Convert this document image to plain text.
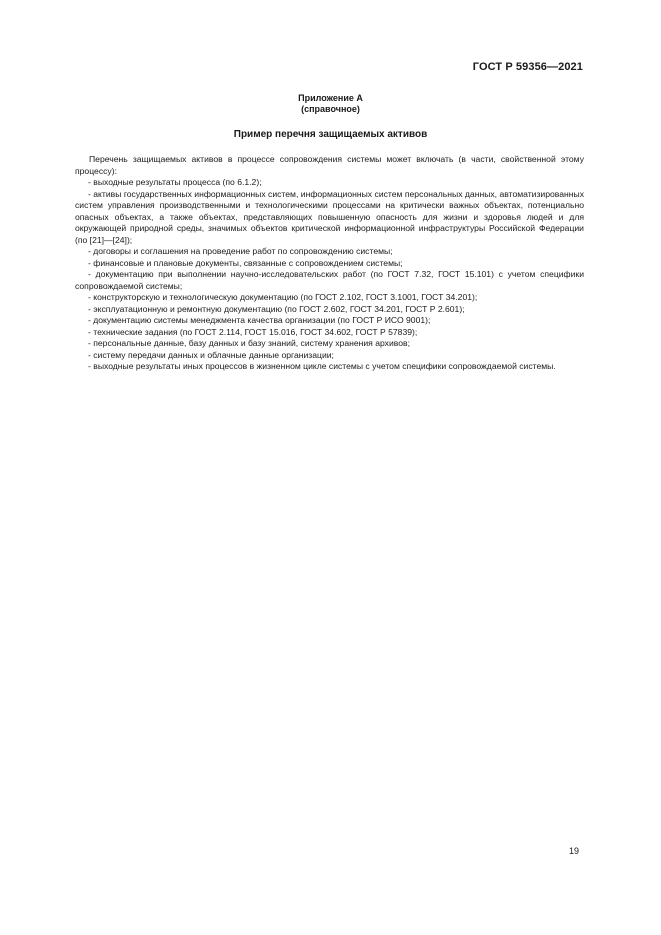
ГОСТ Р 59356—2021
Приложение А
(справочное)
Пример перечня защищаемых активов

Перечень защищаемых активов в процессе сопровождения системы может включать (в части, свойственной этому процессу):

- выходные результаты процесса (по 6.1.2);

- активы государственных информационных систем, информационных систем персональных данных, автоматизированных систем управления производственными и технологическими процессами на критически важных объектах, потенциально опасных объектах, а также объектах, представляющих повышенную опасность для жизни и здоровья людей и для окружающей природной среды, значимых объектов критической информационной инфраструктуры Российской Федерации (по [21]—[24]);

- договоры и соглашения на проведение работ по сопровождению системы;

- финансовые и плановые документы, связанные с сопровождением системы;

- документацию при выполнении научно-исследовательских работ (по ГОСТ 7.32, ГОСТ 15.101) с учетом специфики сопровождаемой системы;

- конструкторскую и технологическую документацию (по ГОСТ 2.102, ГОСТ 3.1001, ГОСТ 34.201);

- эксплуатационную и ремонтную документацию (по ГОСТ 2.602, ГОСТ 34.201, ГОСТ Р 2.601);

- документацию системы менеджмента качества организации (по ГОСТ Р ИСО 9001);

- технические задания (по ГОСТ 2.114, ГОСТ 15.016, ГОСТ 34.602, ГОСТ Р 57839);

- персональные данные, базу данных и базу знаний, систему хранения архивов;

- систему передачи данных и облачные данные организации;

- выходные результаты иных процессов в жизненном цикле системы с учетом специфики сопровождаемой системы.

19
